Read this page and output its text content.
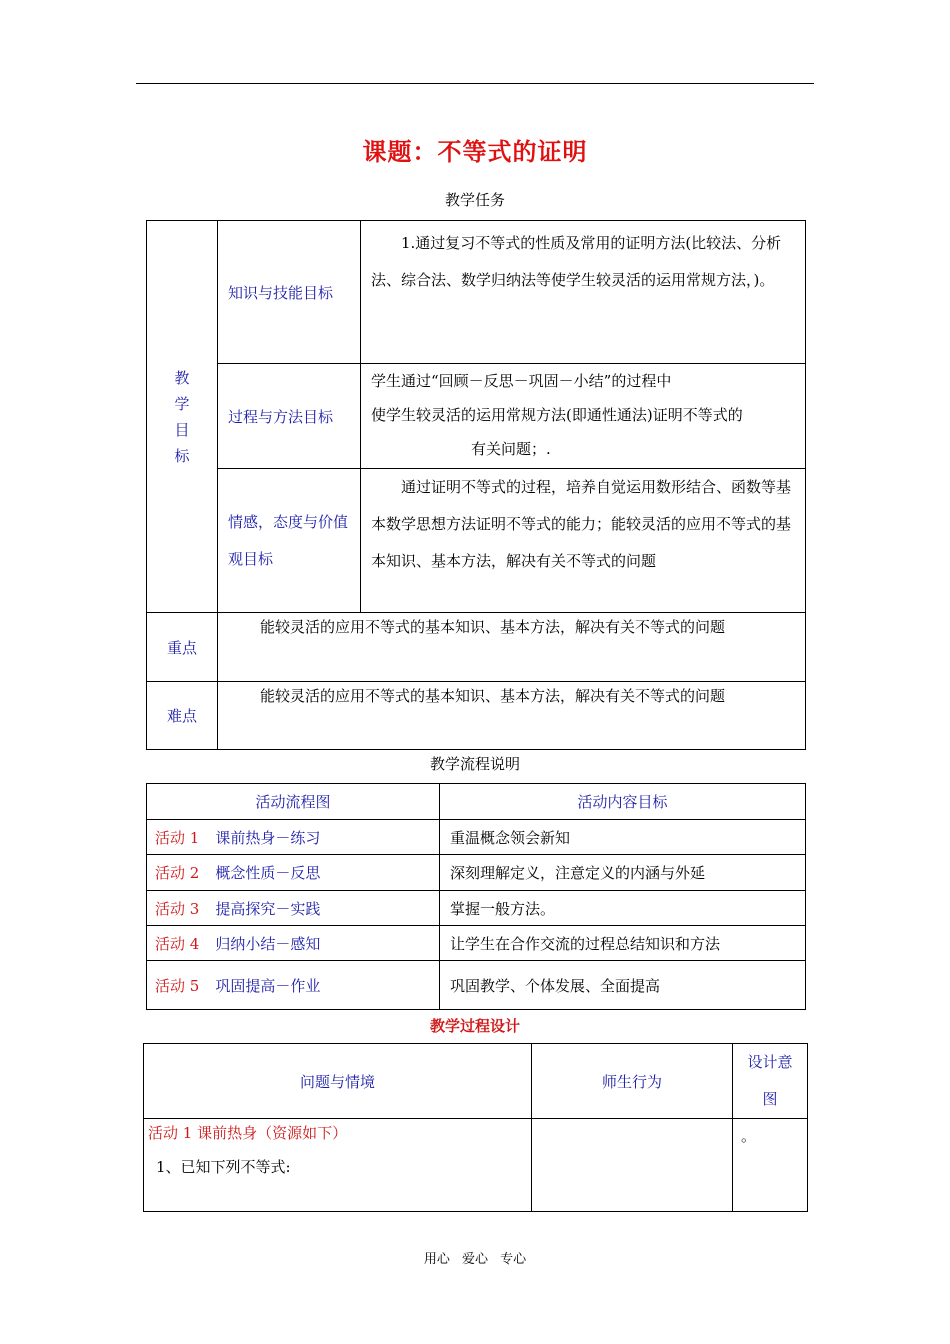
课题：不等式的证明
教学任务
教
学
目
标	知识与技能目标	1.通过复习不等式的性质及常用的证明方法(比较法、分析法、综合法、数学归纳法等使学生较灵活的运用常规方法，)。

	过程与方法目标	学生通过“回顾－反思－巩固－小结”的过程中
使学生较灵活的运用常规方法(即通性通法)证明不等式的
有关问题；.

	情感，态度与价值观目标	通过证明不等式的过程，培养自觉运用数形结合、函数等基本数学思想方法证明不等式的能力；能较灵活的应用不等式的基本知识、基本方法，解决有关不等式的问题

重点	能较灵活的应用不等式的基本知识、基本方法，解决有关不等式的问题	
难点	能较灵活的应用不等式的基本知识、基本方法，解决有关不等式的问题	
教学流程说明
活动流程图	活动内容目标
活动 1 课前热身－练习	重温概念领会新知
活动 2 概念性质－反思	深刻理解定义，注意定义的内涵与外延
活动 3 提高探究－实践	掌握一般方法。
活动 4 归纳小结－感知	让学生在合作交流的过程总结知识和方法
活动 5 巩固提高－作业	巩固教学、个体发展、全面提高
教学过程设计
问题与情境	师生行为	设计意
图

活动 1 课前热身（资源如下）
1、已知下列不等式:		。
用心 爱心 专心
